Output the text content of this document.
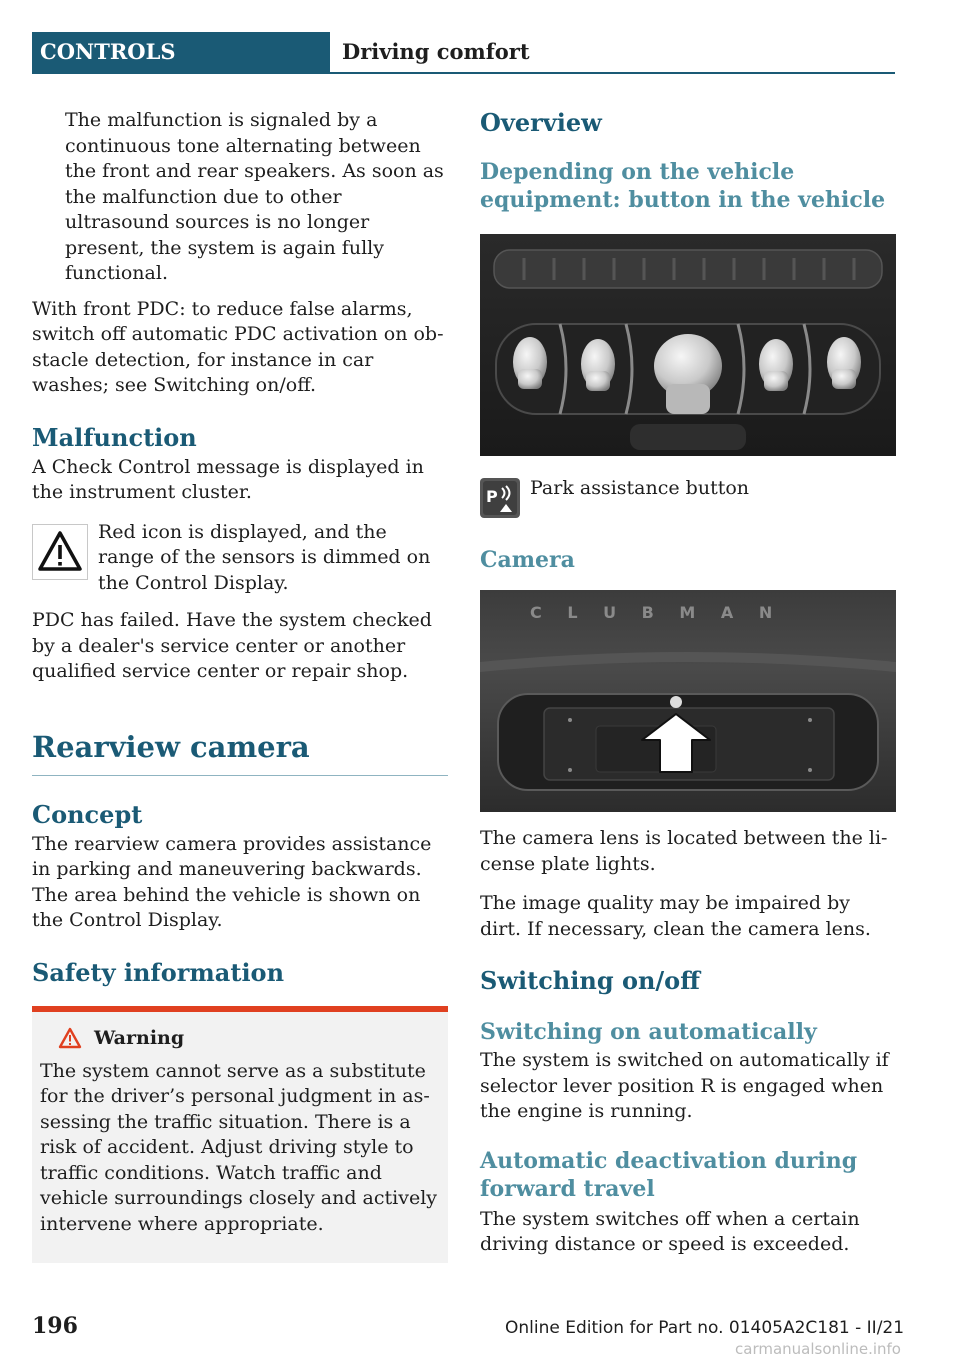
CONTROLS	Driving comfort

The malfunction is signaled by a continuous tone alternating between the front and rear speakers. As soon as the malfunction due to other ultrasound sources is no longer present, the system is again fully functional.

With front PDC: to reduce false alarms, switch off automatic PDC activation on obstacle detection, for instance in car washes; see Switching on/off.

Malfunction

A Check Control message is displayed in the instrument cluster.

Red icon is displayed, and the range of the sensors is dimmed on the Control Display.

PDC has failed. Have the system checked by a dealer's service center or another qualified service center or repair shop.

Rearview camera
Concept

The rearview camera provides assistance in parking and maneuvering backwards. The area behind the vehicle is shown on the Control Display.

Safety information
Warning

The system cannot serve as a substitute for the driver’s personal judgment in assessing the traffic situation. There is a risk of accident. Adjust driving style to traffic conditions. Watch traffic and vehicle surroundings closely and actively intervene where appropriate.

Overview
Depending on the vehicle equipment: button in the vehicle
P	Park assistance button

Camera
C L U B M A N

The camera lens is located between the license plate lights.

The image quality may be impaired by dirt. If necessary, clean the camera lens.

Switching on/off
Switching on automatically

The system is switched on automatically if selector lever position R is engaged when the engine is running.

Automatic deactivation during forward travel

The system switches off when a certain driving distance or speed is exceeded.

196	Online Edition for Part no. 01405A2C181 - II/21
carmanualsonline.info
